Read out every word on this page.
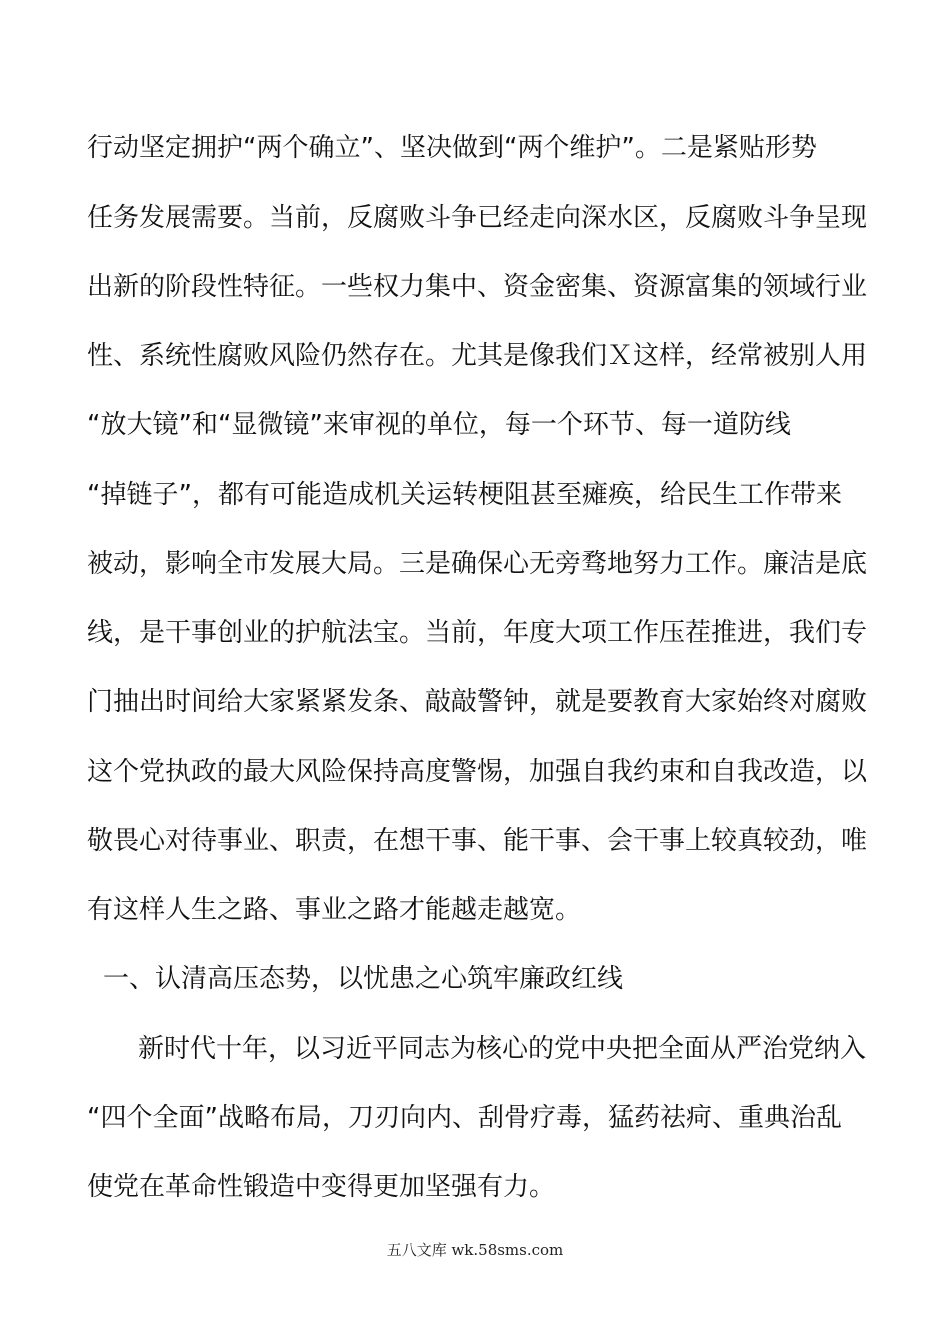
行动坚定拥护“两个确立”、坚决做到“两个维护”。二是紧贴形势
任务发展需要。当前，反腐败斗争已经走向深水区，反腐败斗争呈现
出新的阶段性特征。一些权力集中、资金密集、资源富集的领域行业
性、系统性腐败风险仍然存在。尤其是像我们Ｘ这样，经常被别人用
“放大镜”和“显微镜”来审视的单位，每一个环节、每一道防线
“掉链子”，都有可能造成机关运转梗阻甚至瘫痪，给民生工作带来
被动，影响全市发展大局。三是确保心无旁骛地努力工作。廉洁是底
线，是干事创业的护航法宝。当前，年度大项工作压茬推进，我们专
门抽出时间给大家紧紧发条、敲敲警钟，就是要教育大家始终对腐败
这个党执政的最大风险保持高度警惕，加强自我约束和自我改造，以
敬畏心对待事业、职责，在想干事、能干事、会干事上较真较劲，唯
有这样人生之路、事业之路才能越走越宽。
一、认清高压态势，以忧患之心筑牢廉政红线
新时代十年，以习近平同志为核心的党中央把全面从严治党纳入
“四个全面”战略布局，刀刃向内、刮骨疗毒，猛药祛疴、重典治乱
使党在革命性锻造中变得更加坚强有力。
五八文库 wk.58sms.com
